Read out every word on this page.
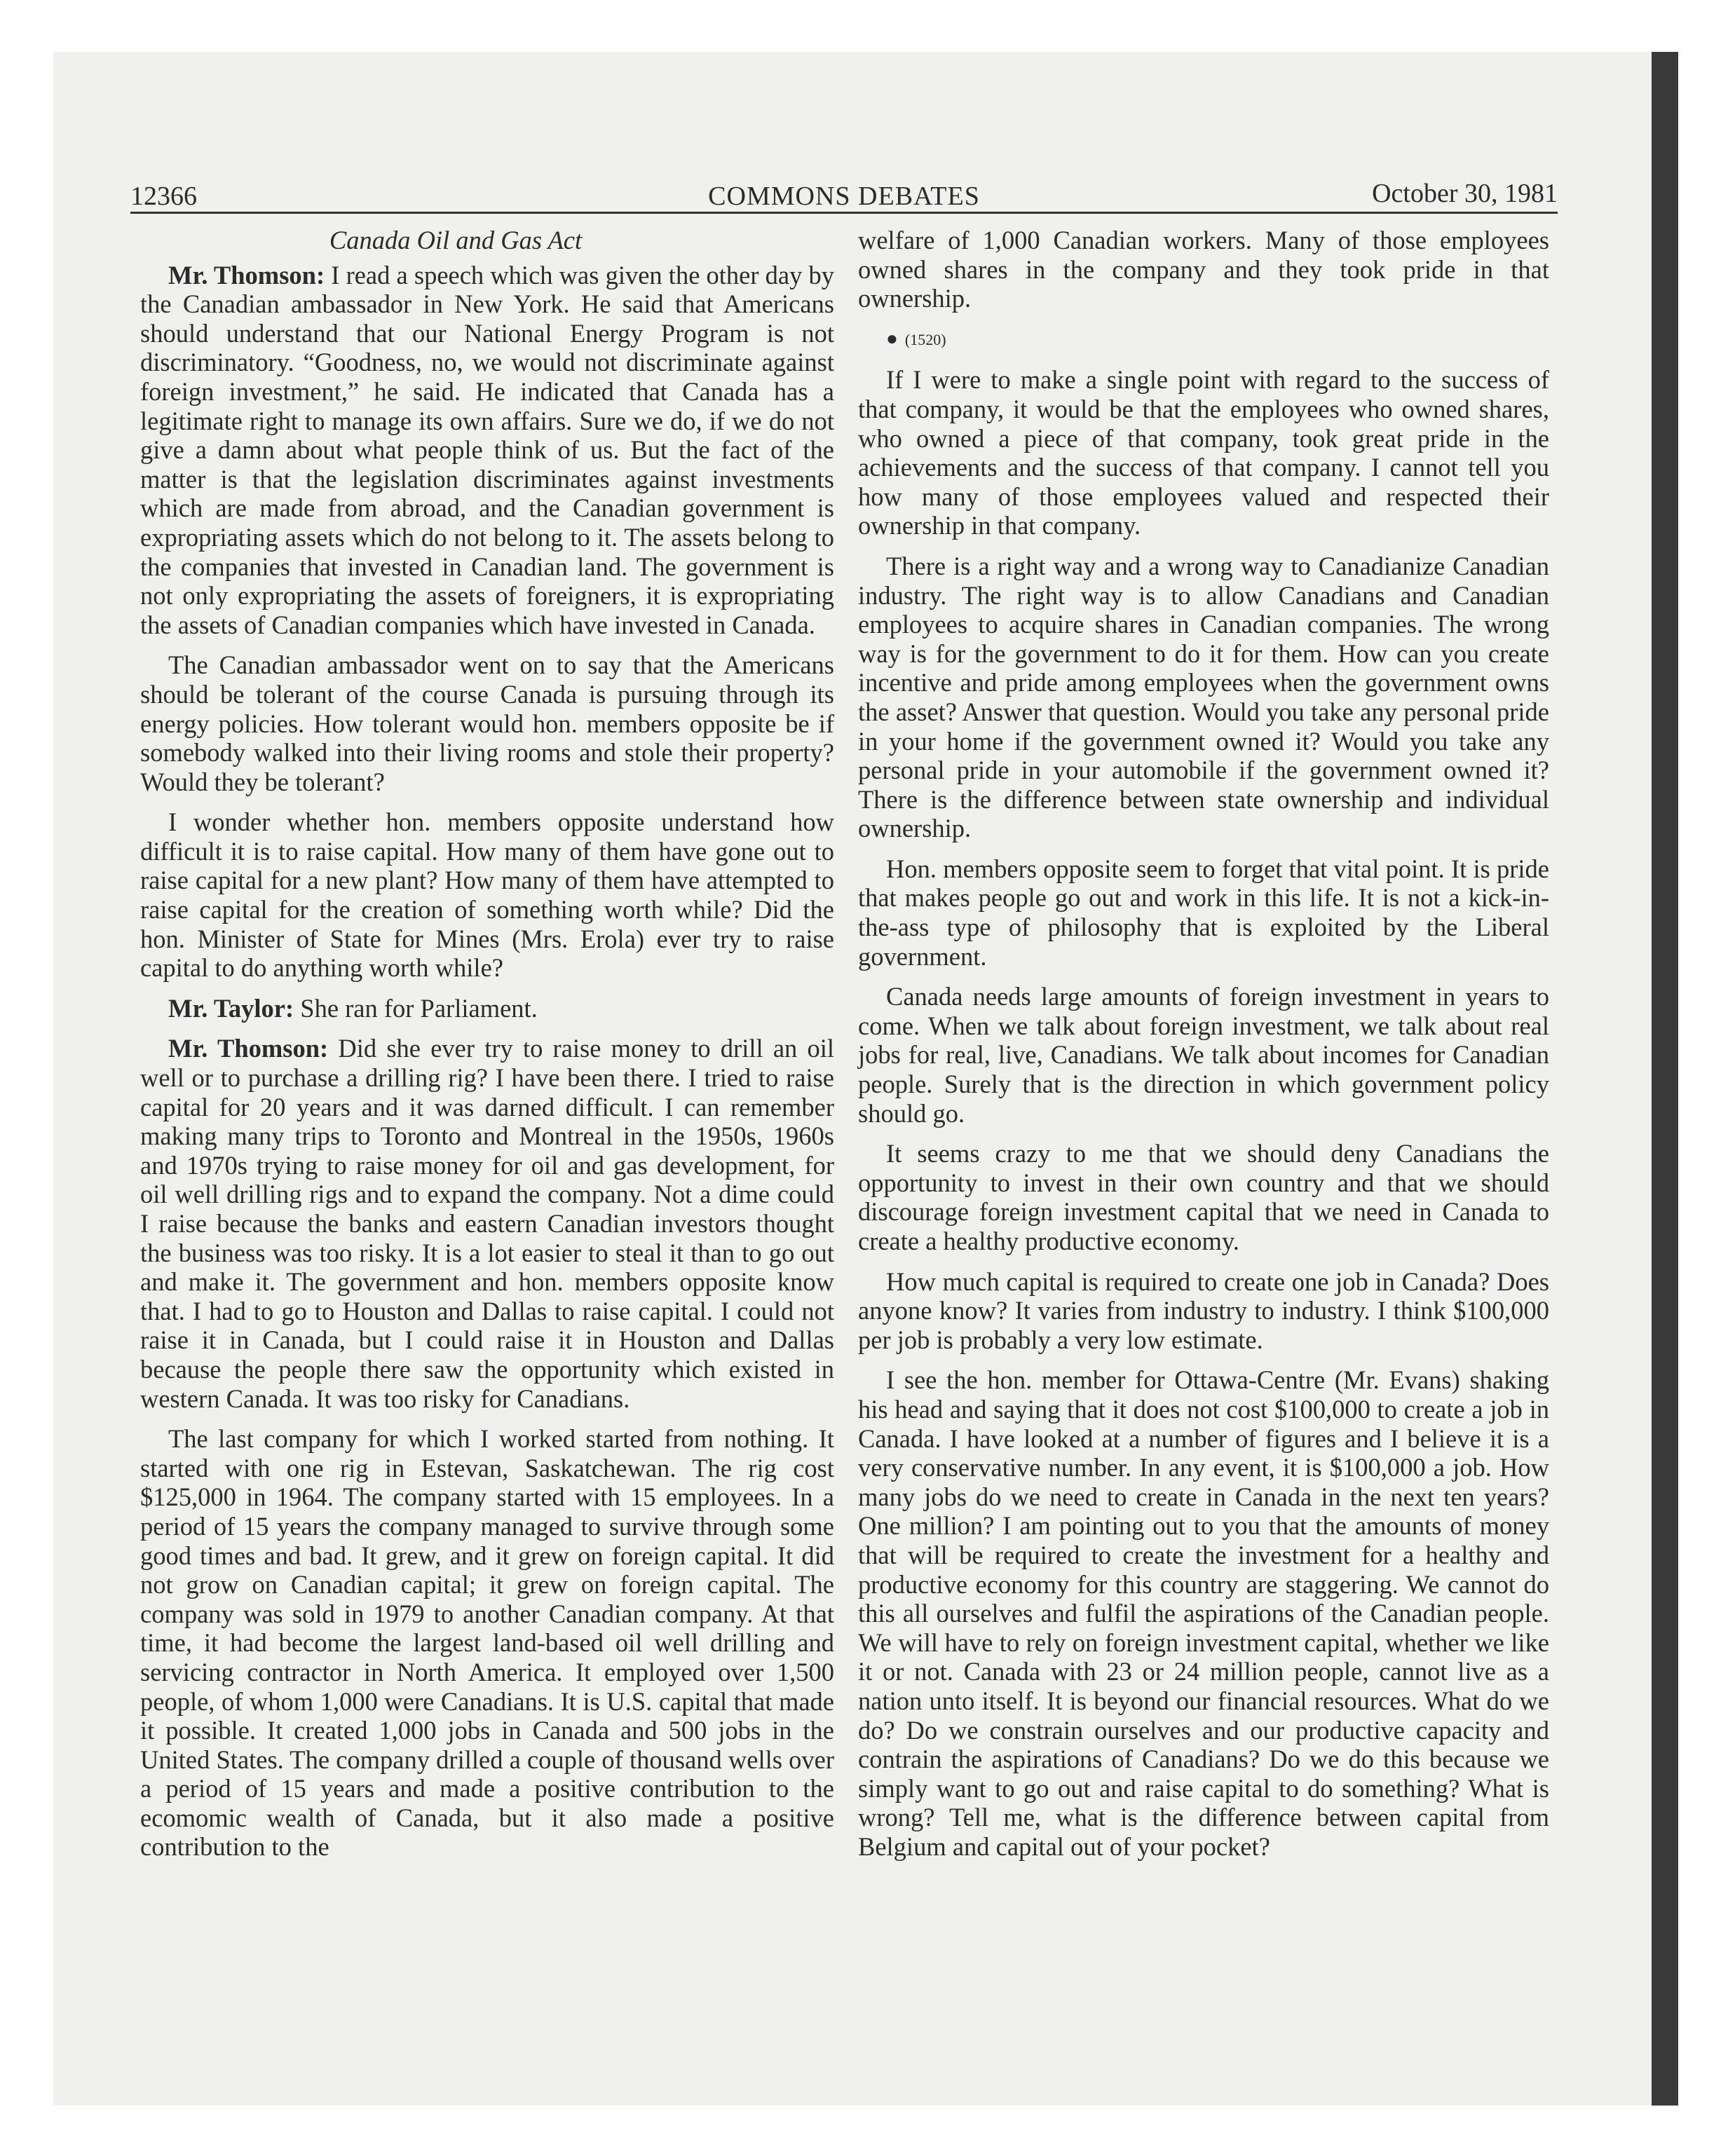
12366	COMMONS DEBATES	October 30, 1981
Canada Oil and Gas Act

Mr. Thomson: I read a speech which was given the other day by the Canadian ambassador in New York. He said that Americans should understand that our National Energy Program is not discriminatory. “Goodness, no, we would not discriminate against foreign investment,” he said. He indicated that Canada has a legitimate right to manage its own affairs. Sure we do, if we do not give a damn about what people think of us. But the fact of the matter is that the legislation discriminates against investments which are made from abroad, and the Canadian government is expropriating assets which do not belong to it. The assets belong to the companies that invested in Canadian land. The government is not only expropriating the assets of foreigners, it is expropriating the assets of Canadian companies which have invested in Canada.

The Canadian ambassador went on to say that the Americans should be tolerant of the course Canada is pursuing through its energy policies. How tolerant would hon. members opposite be if somebody walked into their living rooms and stole their property? Would they be tolerant?

I wonder whether hon. members opposite understand how difficult it is to raise capital. How many of them have gone out to raise capital for a new plant? How many of them have attempted to raise capital for the creation of something worth while? Did the hon. Minister of State for Mines (Mrs. Erola) ever try to raise capital to do anything worth while?

Mr. Taylor: She ran for Parliament.

Mr. Thomson: Did she ever try to raise money to drill an oil well or to purchase a drilling rig? I have been there. I tried to raise capital for 20 years and it was darned difficult. I can remember making many trips to Toronto and Montreal in the 1950s, 1960s and 1970s trying to raise money for oil and gas development, for oil well drilling rigs and to expand the company. Not a dime could I raise because the banks and eastern Canadian investors thought the business was too risky. It is a lot easier to steal it than to go out and make it. The government and hon. members opposite know that. I had to go to Houston and Dallas to raise capital. I could not raise it in Canada, but I could raise it in Houston and Dallas because the people there saw the opportunity which existed in western Canada. It was too risky for Canadians.

The last company for which I worked started from nothing. It started with one rig in Estevan, Saskatchewan. The rig cost $125,000 in 1964. The company started with 15 employees. In a period of 15 years the company managed to survive through some good times and bad. It grew, and it grew on foreign capital. It did not grow on Canadian capital; it grew on foreign capital. The company was sold in 1979 to another Canadian company. At that time, it had become the largest land-based oil well drilling and servicing contractor in North America. It employed over 1,500 people, of whom 1,000 were Canadians. It is U.S. capital that made it possible. It created 1,000 jobs in Canada and 500 jobs in the United States. The company drilled a couple of thousand wells over a period of 15 years and made a positive contribution to the ecomomic wealth of Canada, but it also made a positive contribution to the

welfare of 1,000 Canadian workers. Many of those employees owned shares in the company and they took pride in that ownership.

● (1520)

If I were to make a single point with regard to the success of that company, it would be that the employees who owned shares, who owned a piece of that company, took great pride in the achievements and the success of that company. I cannot tell you how many of those employees valued and respected their ownership in that company.

There is a right way and a wrong way to Canadianize Canadian industry. The right way is to allow Canadians and Canadian employees to acquire shares in Canadian companies. The wrong way is for the government to do it for them. How can you create incentive and pride among employees when the government owns the asset? Answer that question. Would you take any personal pride in your home if the government owned it? Would you take any personal pride in your automobile if the government owned it? There is the difference between state ownership and individual ownership.

Hon. members opposite seem to forget that vital point. It is pride that makes people go out and work in this life. It is not a kick-in-the-ass type of philosophy that is exploited by the Liberal government.

Canada needs large amounts of foreign investment in years to come. When we talk about foreign investment, we talk about real jobs for real, live, Canadians. We talk about incomes for Canadian people. Surely that is the direction in which government policy should go.

It seems crazy to me that we should deny Canadians the opportunity to invest in their own country and that we should discourage foreign investment capital that we need in Canada to create a healthy productive economy.

How much capital is required to create one job in Canada? Does anyone know? It varies from industry to industry. I think $100,000 per job is probably a very low estimate.

I see the hon. member for Ottawa-Centre (Mr. Evans) shaking his head and saying that it does not cost $100,000 to create a job in Canada. I have looked at a number of figures and I believe it is a very conservative number. In any event, it is $100,000 a job. How many jobs do we need to create in Canada in the next ten years? One million? I am pointing out to you that the amounts of money that will be required to create the investment for a healthy and productive economy for this country are staggering. We cannot do this all ourselves and fulfil the aspirations of the Canadian people. We will have to rely on foreign investment capital, whether we like it or not. Canada with 23 or 24 million people, cannot live as a nation unto itself. It is beyond our financial resources. What do we do? Do we constrain ourselves and our productive capacity and contrain the aspirations of Canadians? Do we do this because we simply want to go out and raise capital to do something? What is wrong? Tell me, what is the difference between capital from Belgium and capital out of your pocket?
